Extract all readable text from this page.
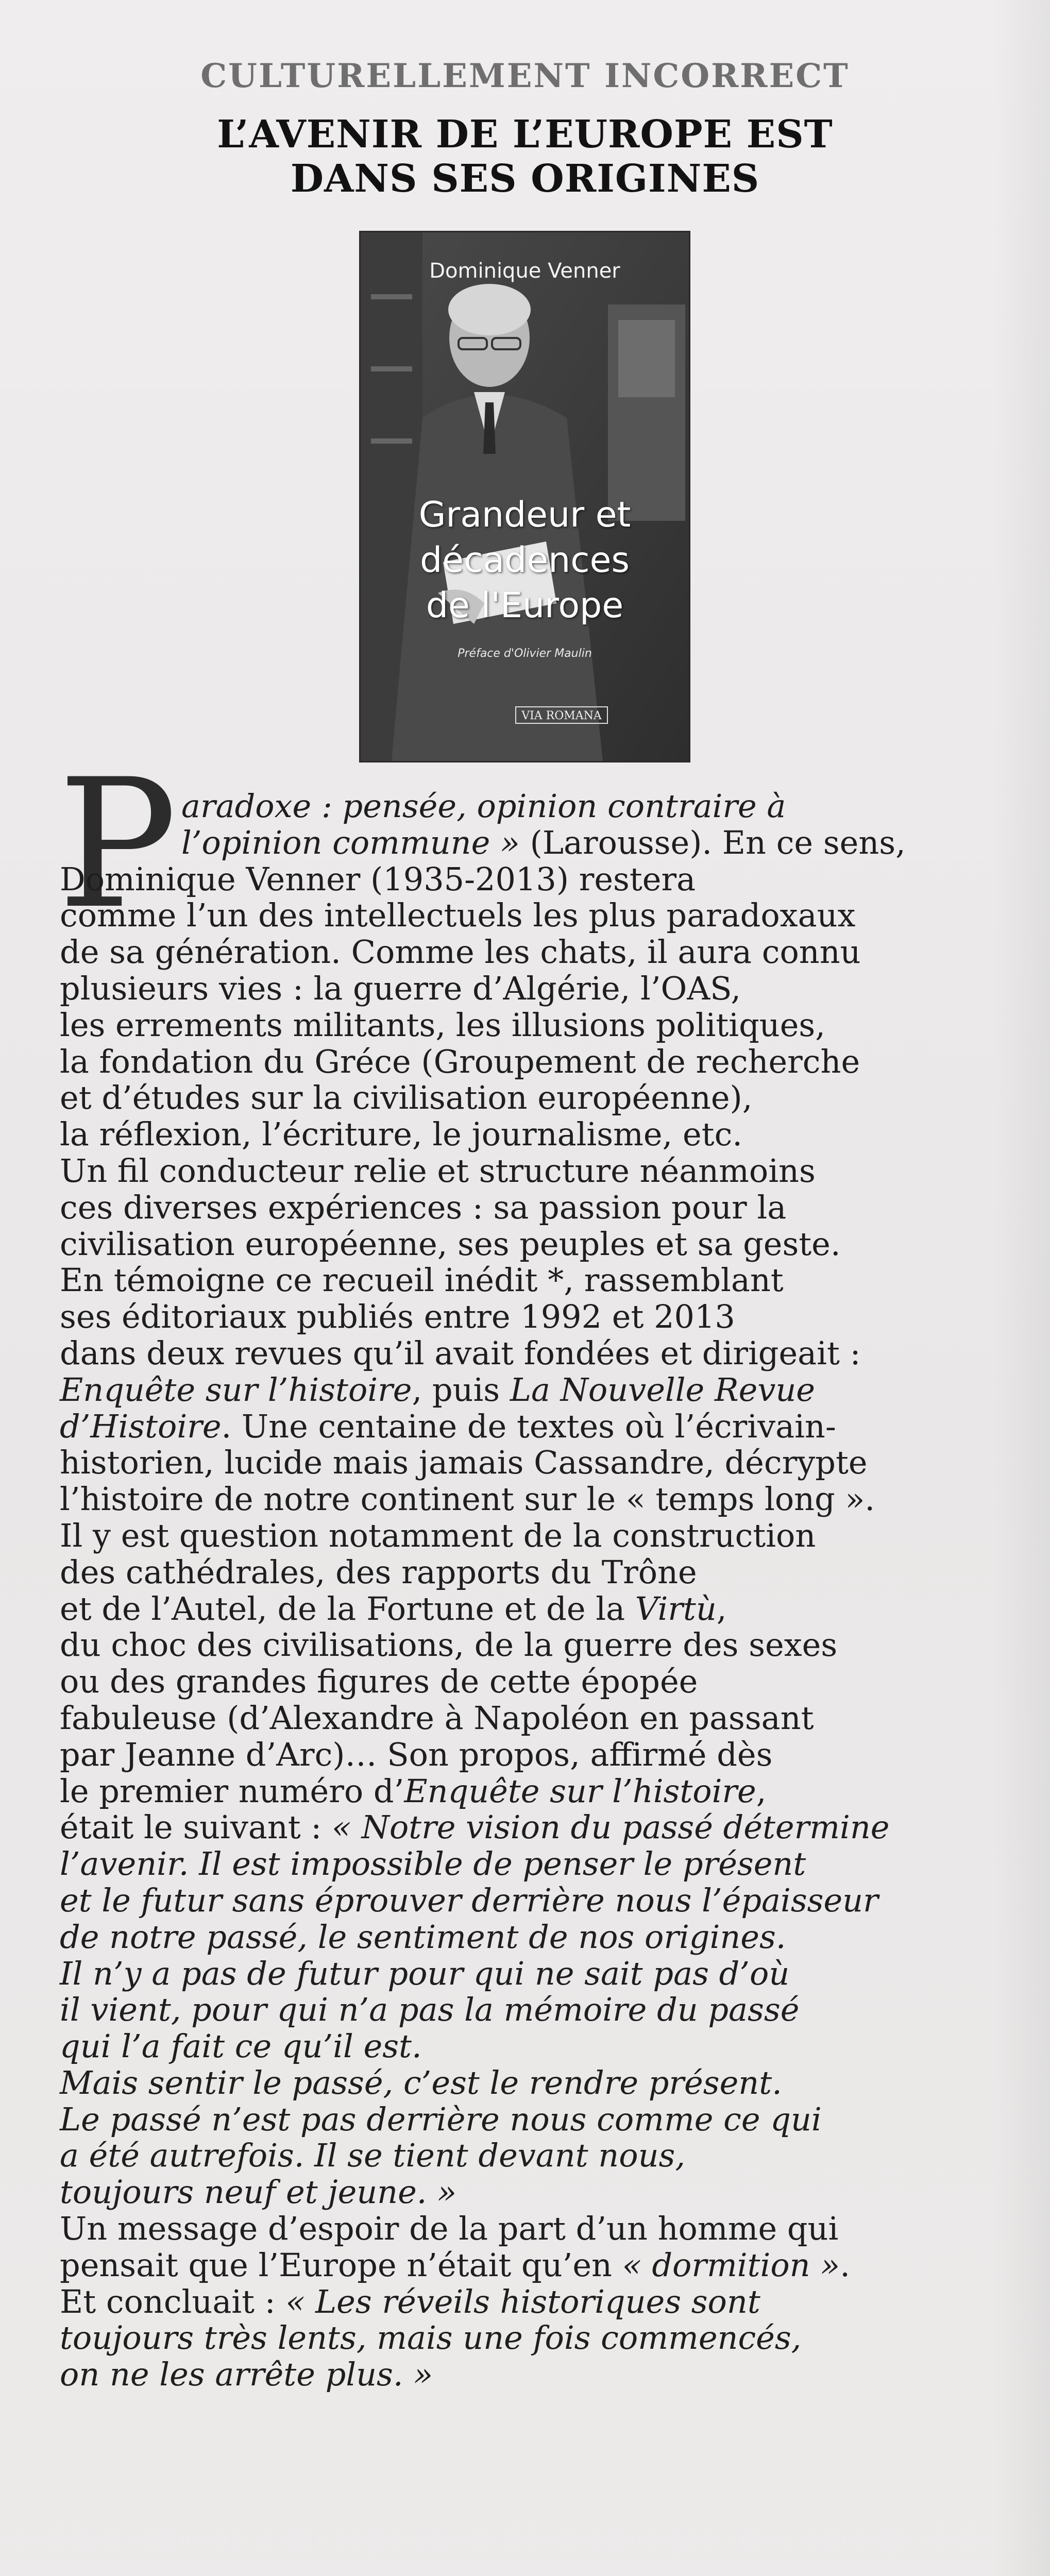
CULTURELLEMENT INCORRECT
L’AVENIR DE L’EUROPE EST
DANS SES ORIGINES
Dominique Venner
Grandeur et
décadences
de l'Europe
Préface d'Olivier Maulin
VIA ROMANA
P aradoxe : pensée, opinion contraire à
l’opinion commune » (Larousse). En ce sens,
Dominique Venner (1935-2013) restera
comme l’un des intellectuels les plus paradoxaux
de sa génération. Comme les chats, il aura connu
plusieurs vies : la guerre d’Algérie, l’OAS,
les errements militants, les illusions politiques,
la fondation du Gréce (Groupement de recherche
et d’études sur la civilisation européenne),
la réflexion, l’écriture, le journalisme, etc.
Un fil conducteur relie et structure néanmoins
ces diverses expériences : sa passion pour la
civilisation européenne, ses peuples et sa geste.
En témoigne ce recueil inédit *, rassemblant
ses éditoriaux publiés entre 1992 et 2013
dans deux revues qu’il avait fondées et dirigeait :
Enquête sur l’histoire, puis La Nouvelle Revue
d’Histoire. Une centaine de textes où l’écrivain-
historien, lucide mais jamais Cassandre, décrypte
l’histoire de notre continent sur le « temps long ».
Il y est question notamment de la construction
des cathédrales, des rapports du Trône
et de l’Autel, de la Fortune et de la Virtù,
du choc des civilisations, de la guerre des sexes
ou des grandes figures de cette épopée
fabuleuse (d’Alexandre à Napoléon en passant
par Jeanne d’Arc)… Son propos, affirmé dès
le premier numéro d’Enquête sur l’histoire,
était le suivant : « Notre vision du passé détermine
l’avenir. Il est impossible de penser le présent
et le futur sans éprouver derrière nous l’épaisseur
de notre passé, le sentiment de nos origines.
Il n’y a pas de futur pour qui ne sait pas d’où
il vient, pour qui n’a pas la mémoire du passé
qui l’a fait ce qu’il est.
Mais sentir le passé, c’est le rendre présent.
Le passé n’est pas derrière nous comme ce qui
a été autrefois. Il se tient devant nous,
toujours neuf et jeune. »
Un message d’espoir de la part d’un homme qui
pensait que l’Europe n’était qu’en « dormition ».
Et concluait : « Les réveils historiques sont
toujours très lents, mais une fois commencés,
on ne les arrête plus. »
